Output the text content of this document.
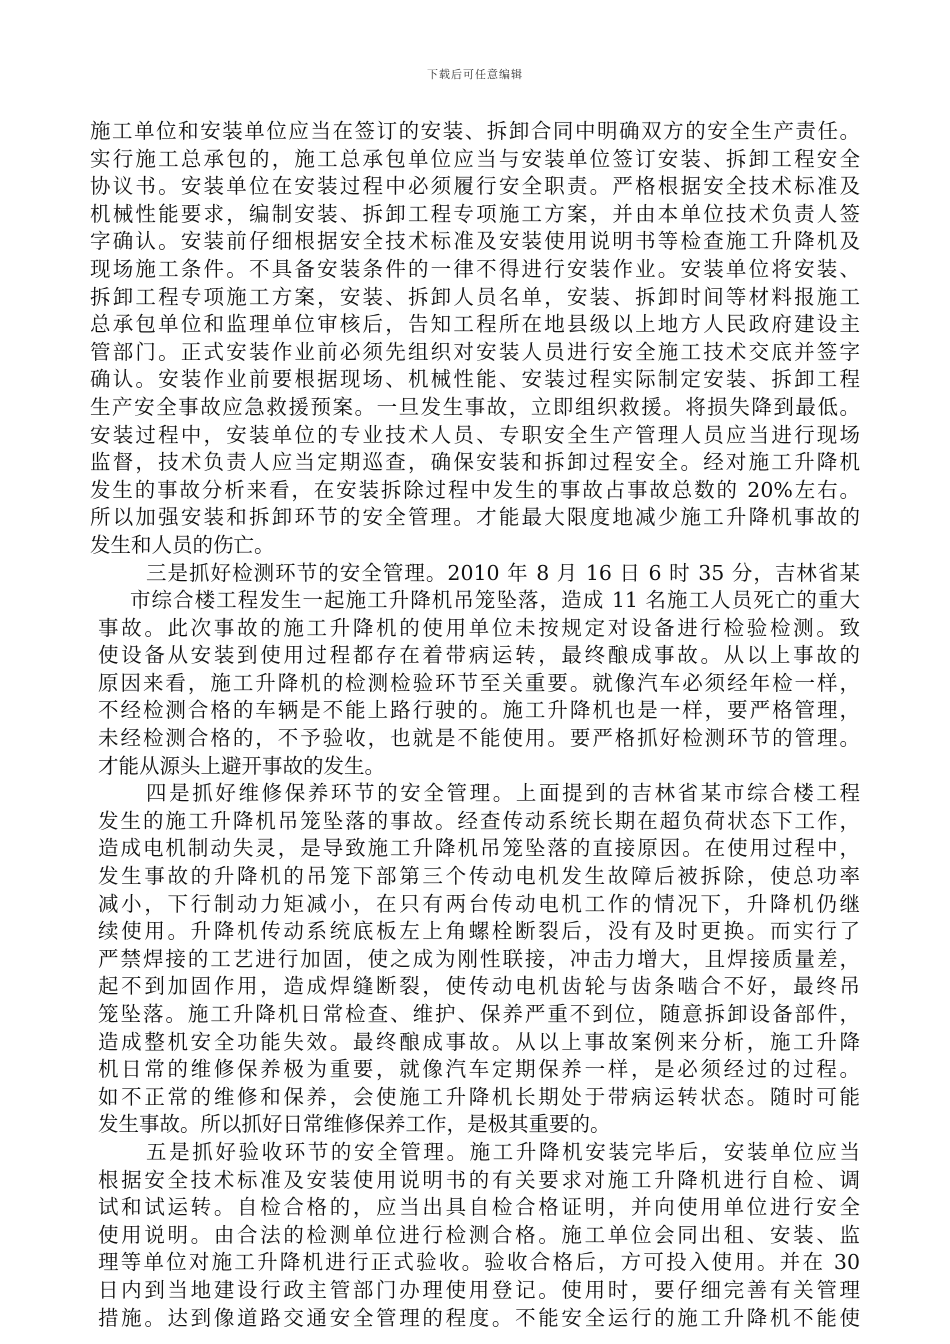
下载后可任意编辑
施工单位和安装单位应当在签订的安装、拆卸合同中明确双方的安全生产责任。
实行施工总承包的，施工总承包单位应当与安装单位签订安装、拆卸工程安全
协议书。安装单位在安装过程中必须履行安全职责。严格根据安全技术标准及
机械性能要求，编制安装、拆卸工程专项施工方案，并由本单位技术负责人签
字确认。安装前仔细根据安全技术标准及安装使用说明书等检查施工升降机及
现场施工条件。不具备安装条件的一律不得进行安装作业。安装单位将安装、
拆卸工程专项施工方案，安装、拆卸人员名单，安装、拆卸时间等材料报施工
总承包单位和监理单位审核后，告知工程所在地县级以上地方人民政府建设主
管部门。正式安装作业前必须先组织对安装人员进行安全施工技术交底并签字
确认。安装作业前要根据现场、机械性能、安装过程实际制定安装、拆卸工程
生产安全事故应急救援预案。一旦发生事故，立即组织救援。将损失降到最低。
安装过程中，安装单位的专业技术人员、专职安全生产管理人员应当进行现场
监督，技术负责人应当定期巡查，确保安装和拆卸过程安全。经对施工升降机
发生的事故分析来看，在安装拆除过程中发生的事故占事故总数的 20%左右。
所以加强安装和拆卸环节的安全管理。才能最大限度地减少施工升降机事故的
发生和人员的伤亡。
三是抓好检测环节的安全管理。2010 年 8 月 16 日 6 时 35 分，吉林省某
市综合楼工程发生一起施工升降机吊笼坠落，造成 11 名施工人员死亡的重大
事故。此次事故的施工升降机的使用单位未按规定对设备进行检验检测。致
使设备从安装到使用过程都存在着带病运转，最终酿成事故。从以上事故的
原因来看，施工升降机的检测检验环节至关重要。就像汽车必须经年检一样，
不经检测合格的车辆是不能上路行驶的。施工升降机也是一样，要严格管理，
未经检测合格的，不予验收，也就是不能使用。要严格抓好检测环节的管理。
才能从源头上避开事故的发生。
四是抓好维修保养环节的安全管理。上面提到的吉林省某市综合楼工程
发生的施工升降机吊笼坠落的事故。经查传动系统长期在超负荷状态下工作，
造成电机制动失灵，是导致施工升降机吊笼坠落的直接原因。在使用过程中，
发生事故的升降机的吊笼下部第三个传动电机发生故障后被拆除，使总功率
减小，下行制动力矩减小，在只有两台传动电机工作的情况下，升降机仍继
续使用。升降机传动系统底板左上角螺栓断裂后，没有及时更换。而实行了
严禁焊接的工艺进行加固，使之成为刚性联接，冲击力增大，且焊接质量差，
起不到加固作用，造成焊缝断裂，使传动电机齿轮与齿条啮合不好，最终吊
笼坠落。施工升降机日常检查、维护、保养严重不到位，随意拆卸设备部件，
造成整机安全功能失效。最终酿成事故。从以上事故案例来分析，施工升降
机日常的维修保养极为重要，就像汽车定期保养一样，是必须经过的过程。
如不正常的维修和保养，会使施工升降机长期处于带病运转状态。随时可能
发生事故。所以抓好日常维修保养工作，是极其重要的。
五是抓好验收环节的安全管理。施工升降机安装完毕后，安装单位应当
根据安全技术标准及安装使用说明书的有关要求对施工升降机进行自检、调
试和试运转。自检合格的，应当出具自检合格证明，并向使用单位进行安全
使用说明。由合法的检测单位进行检测合格。施工单位会同出租、安装、监
理等单位对施工升降机进行正式验收。验收合格后，方可投入使用。并在 30
日内到当地建设行政主管部门办理使用登记。使用时，要仔细完善有关管理
措施。达到像道路交通安全管理的程度。不能安全运行的施工升降机不能使
